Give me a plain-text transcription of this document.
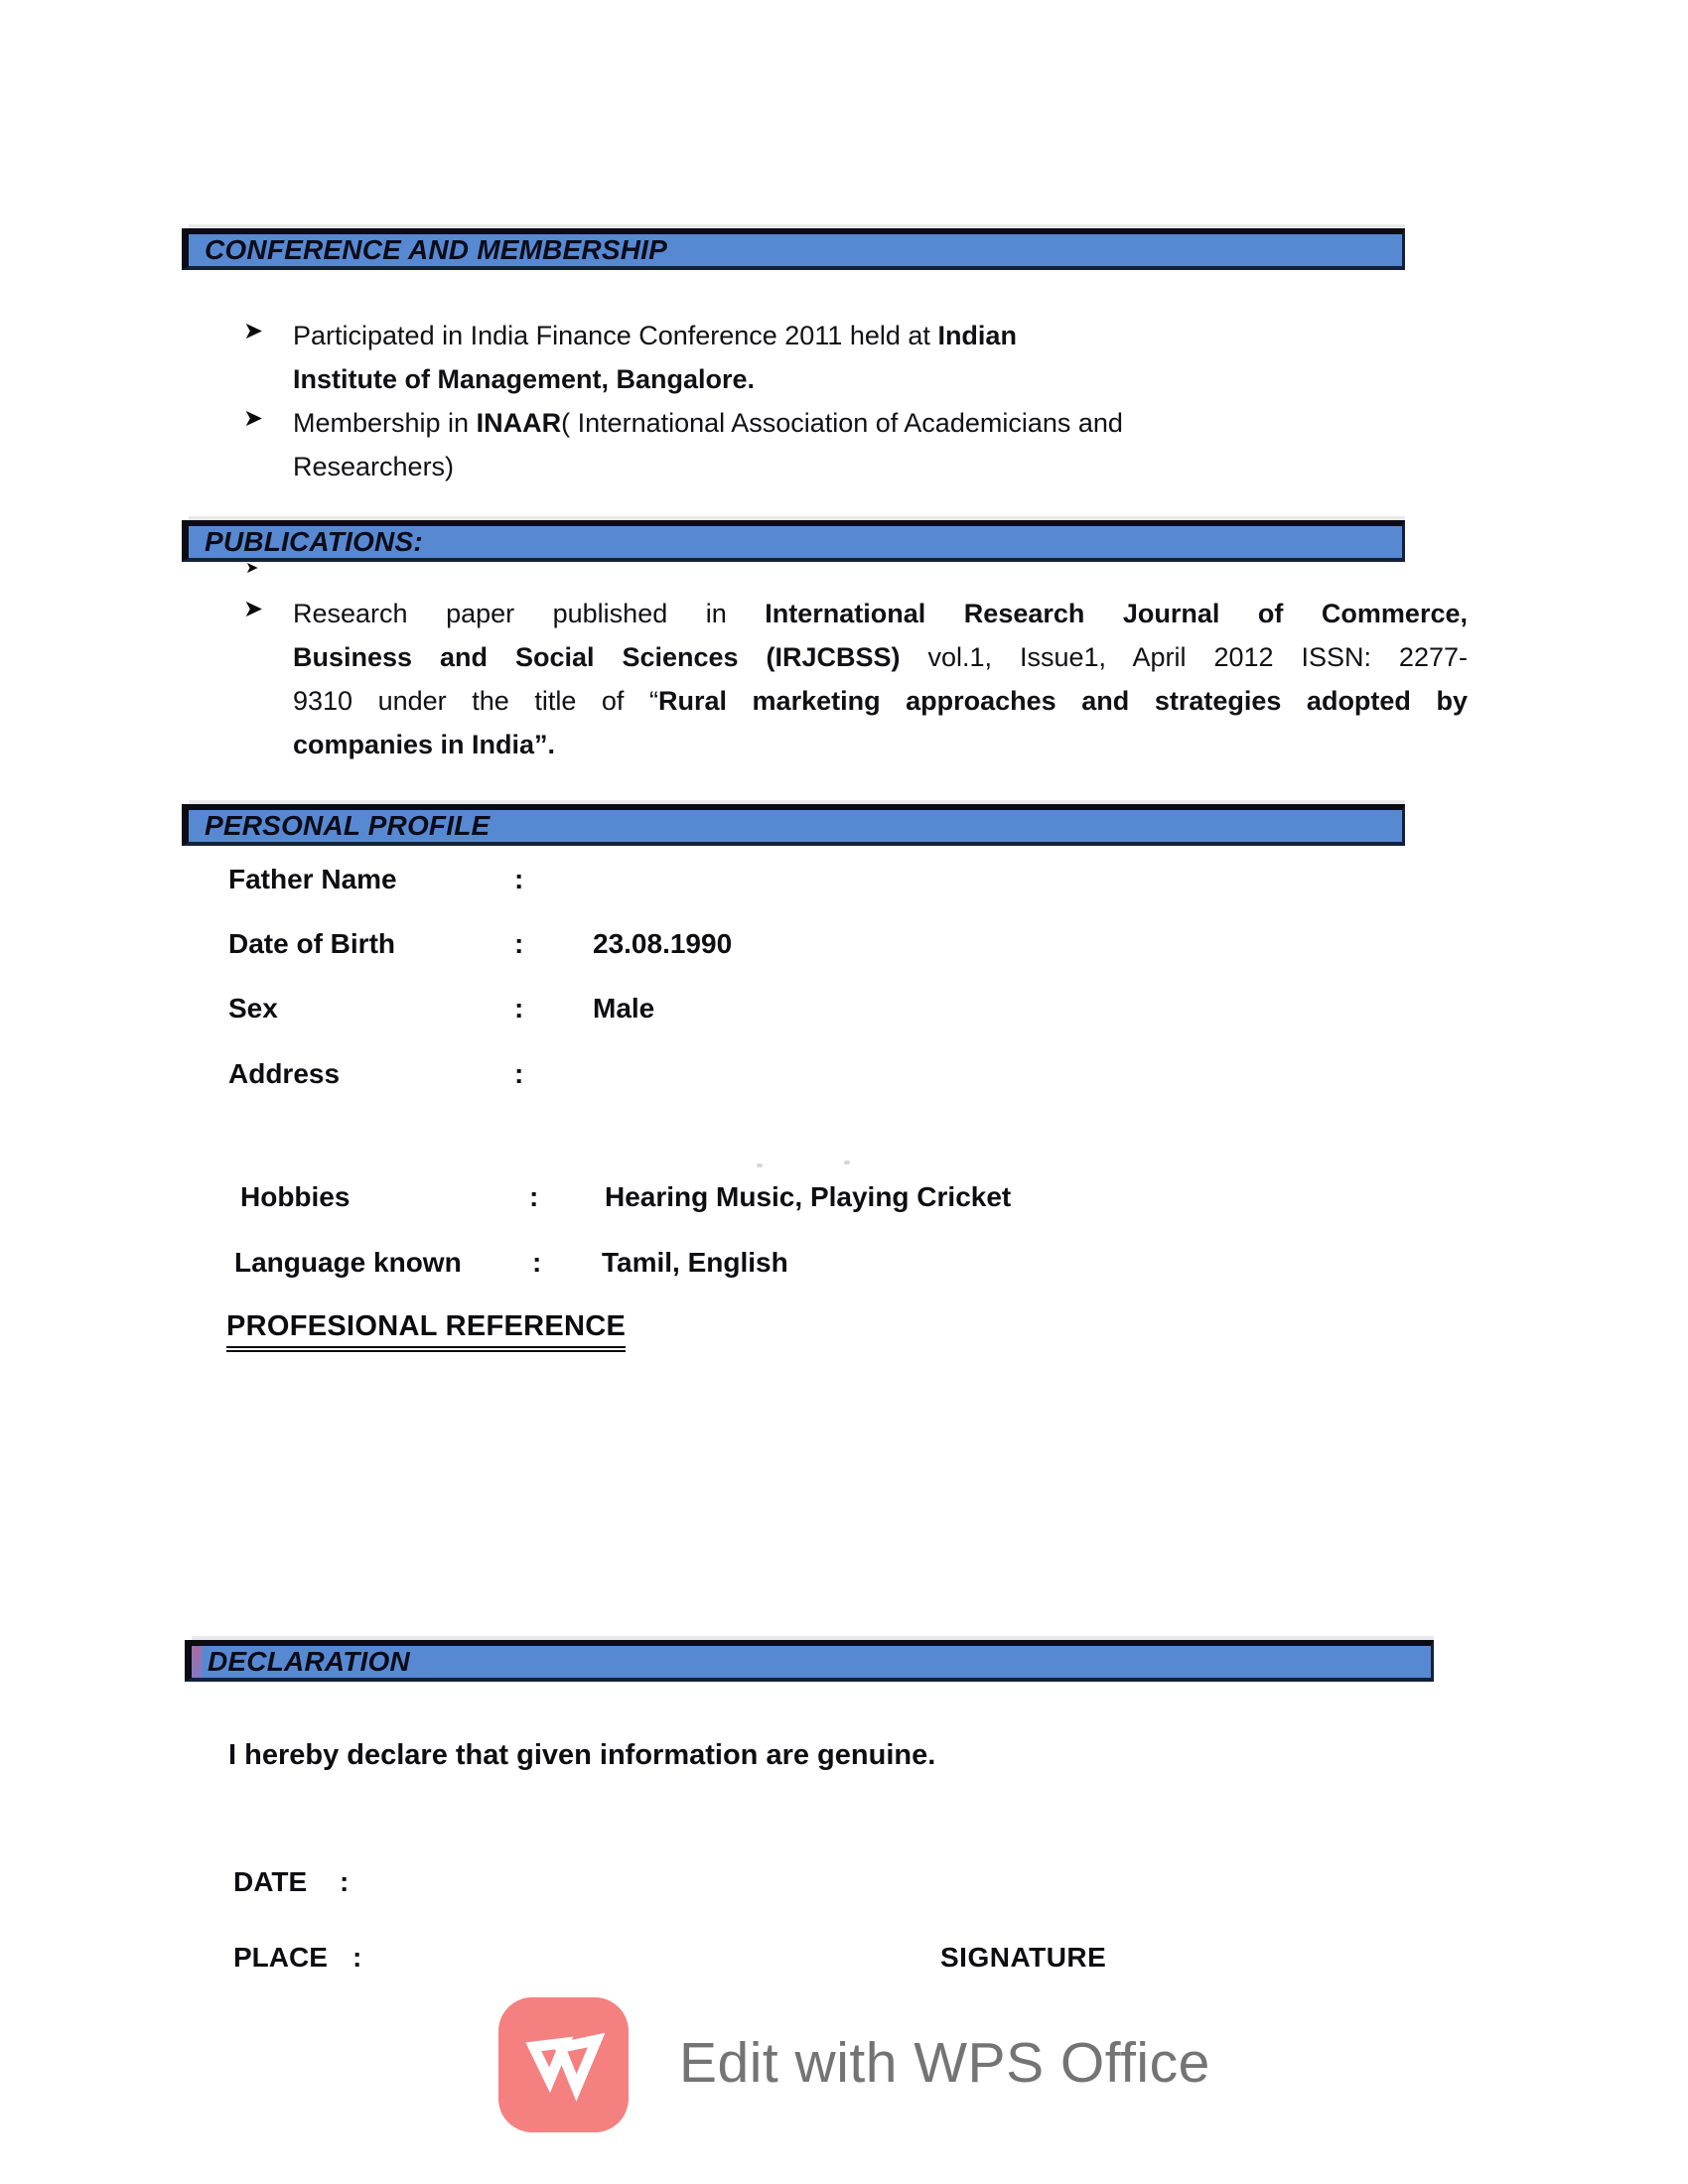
CONFERENCE AND MEMBERSHIP
➤ Participated in India Finance Conference 2011 held at Indian
Institute of Management, Bangalore.
➤ Membership in INAAR( International Association of Academicians and
Researchers)
PUBLICATIONS:
➤
➤ Research paper published in International Research Journal of Commerce,
Business and Social Sciences (IRJCBSS) vol.1, Issue1, April 2012 ISSN: 2277-
9310 under the title of “Rural marketing approaches and strategies adopted by
companies in India”.
PERSONAL PROFILE
Father Name	:
Date of Birth	: 23.08.1990
Sex	: Male
Address	:
Hobbies	: Hearing Music, Playing Cricket
Language known	: Tamil, English
PROFESIONAL REFERENCE
DECLARATION
I hereby declare that given information are genuine.
DATE :
PLACE :	SIGNATURE
Edit with WPS Office
